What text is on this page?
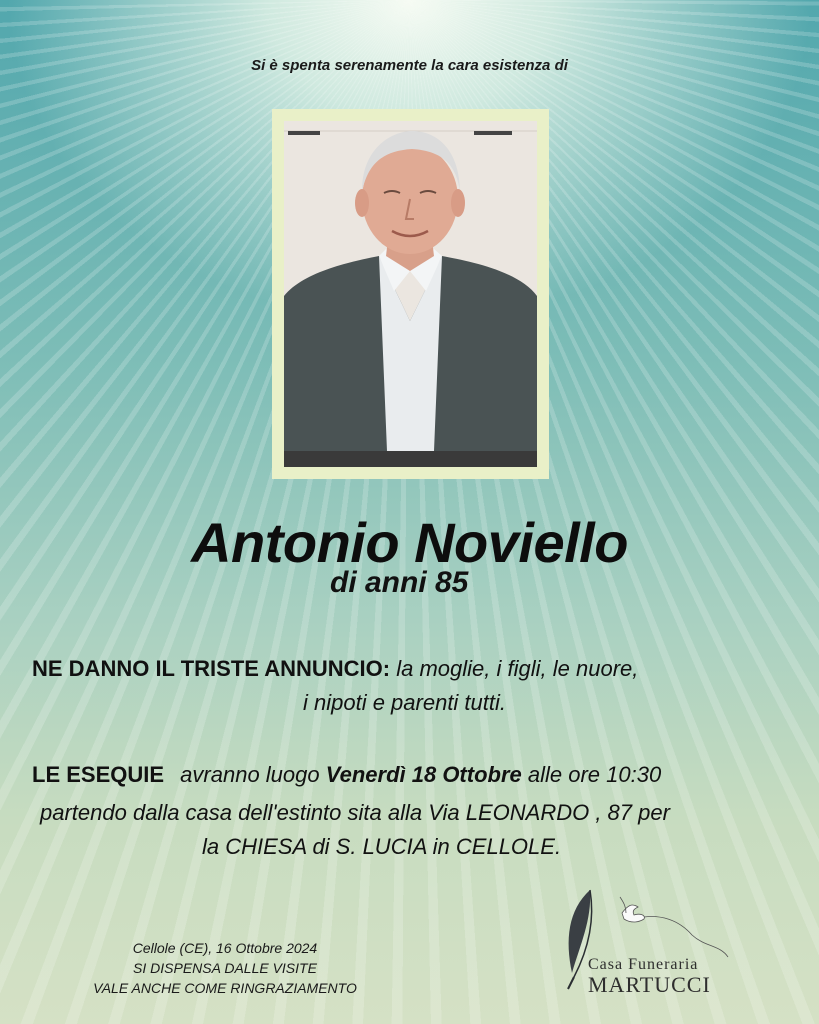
Si è spenta serenamente la cara esistenza di
Antonio Noviello
di anni 85
NE DANNO IL TRISTE ANNUNCIO: la moglie, i figli, le nuore,
i nipoti e parenti tutti.
LE ESEQUIE avranno luogo Venerdì 18 Ottobre alle ore 10:30
partendo dalla casa dell'estinto sita alla Via LEONARDO , 87 per
la CHIESA di S. LUCIA in CELLOLE.
Cellole (CE), 16 Ottobre 2024
SI DISPENSA DALLE VISITE
VALE ANCHE COME RINGRAZIAMENTO
Casa Funeraria
MARTUCCI
